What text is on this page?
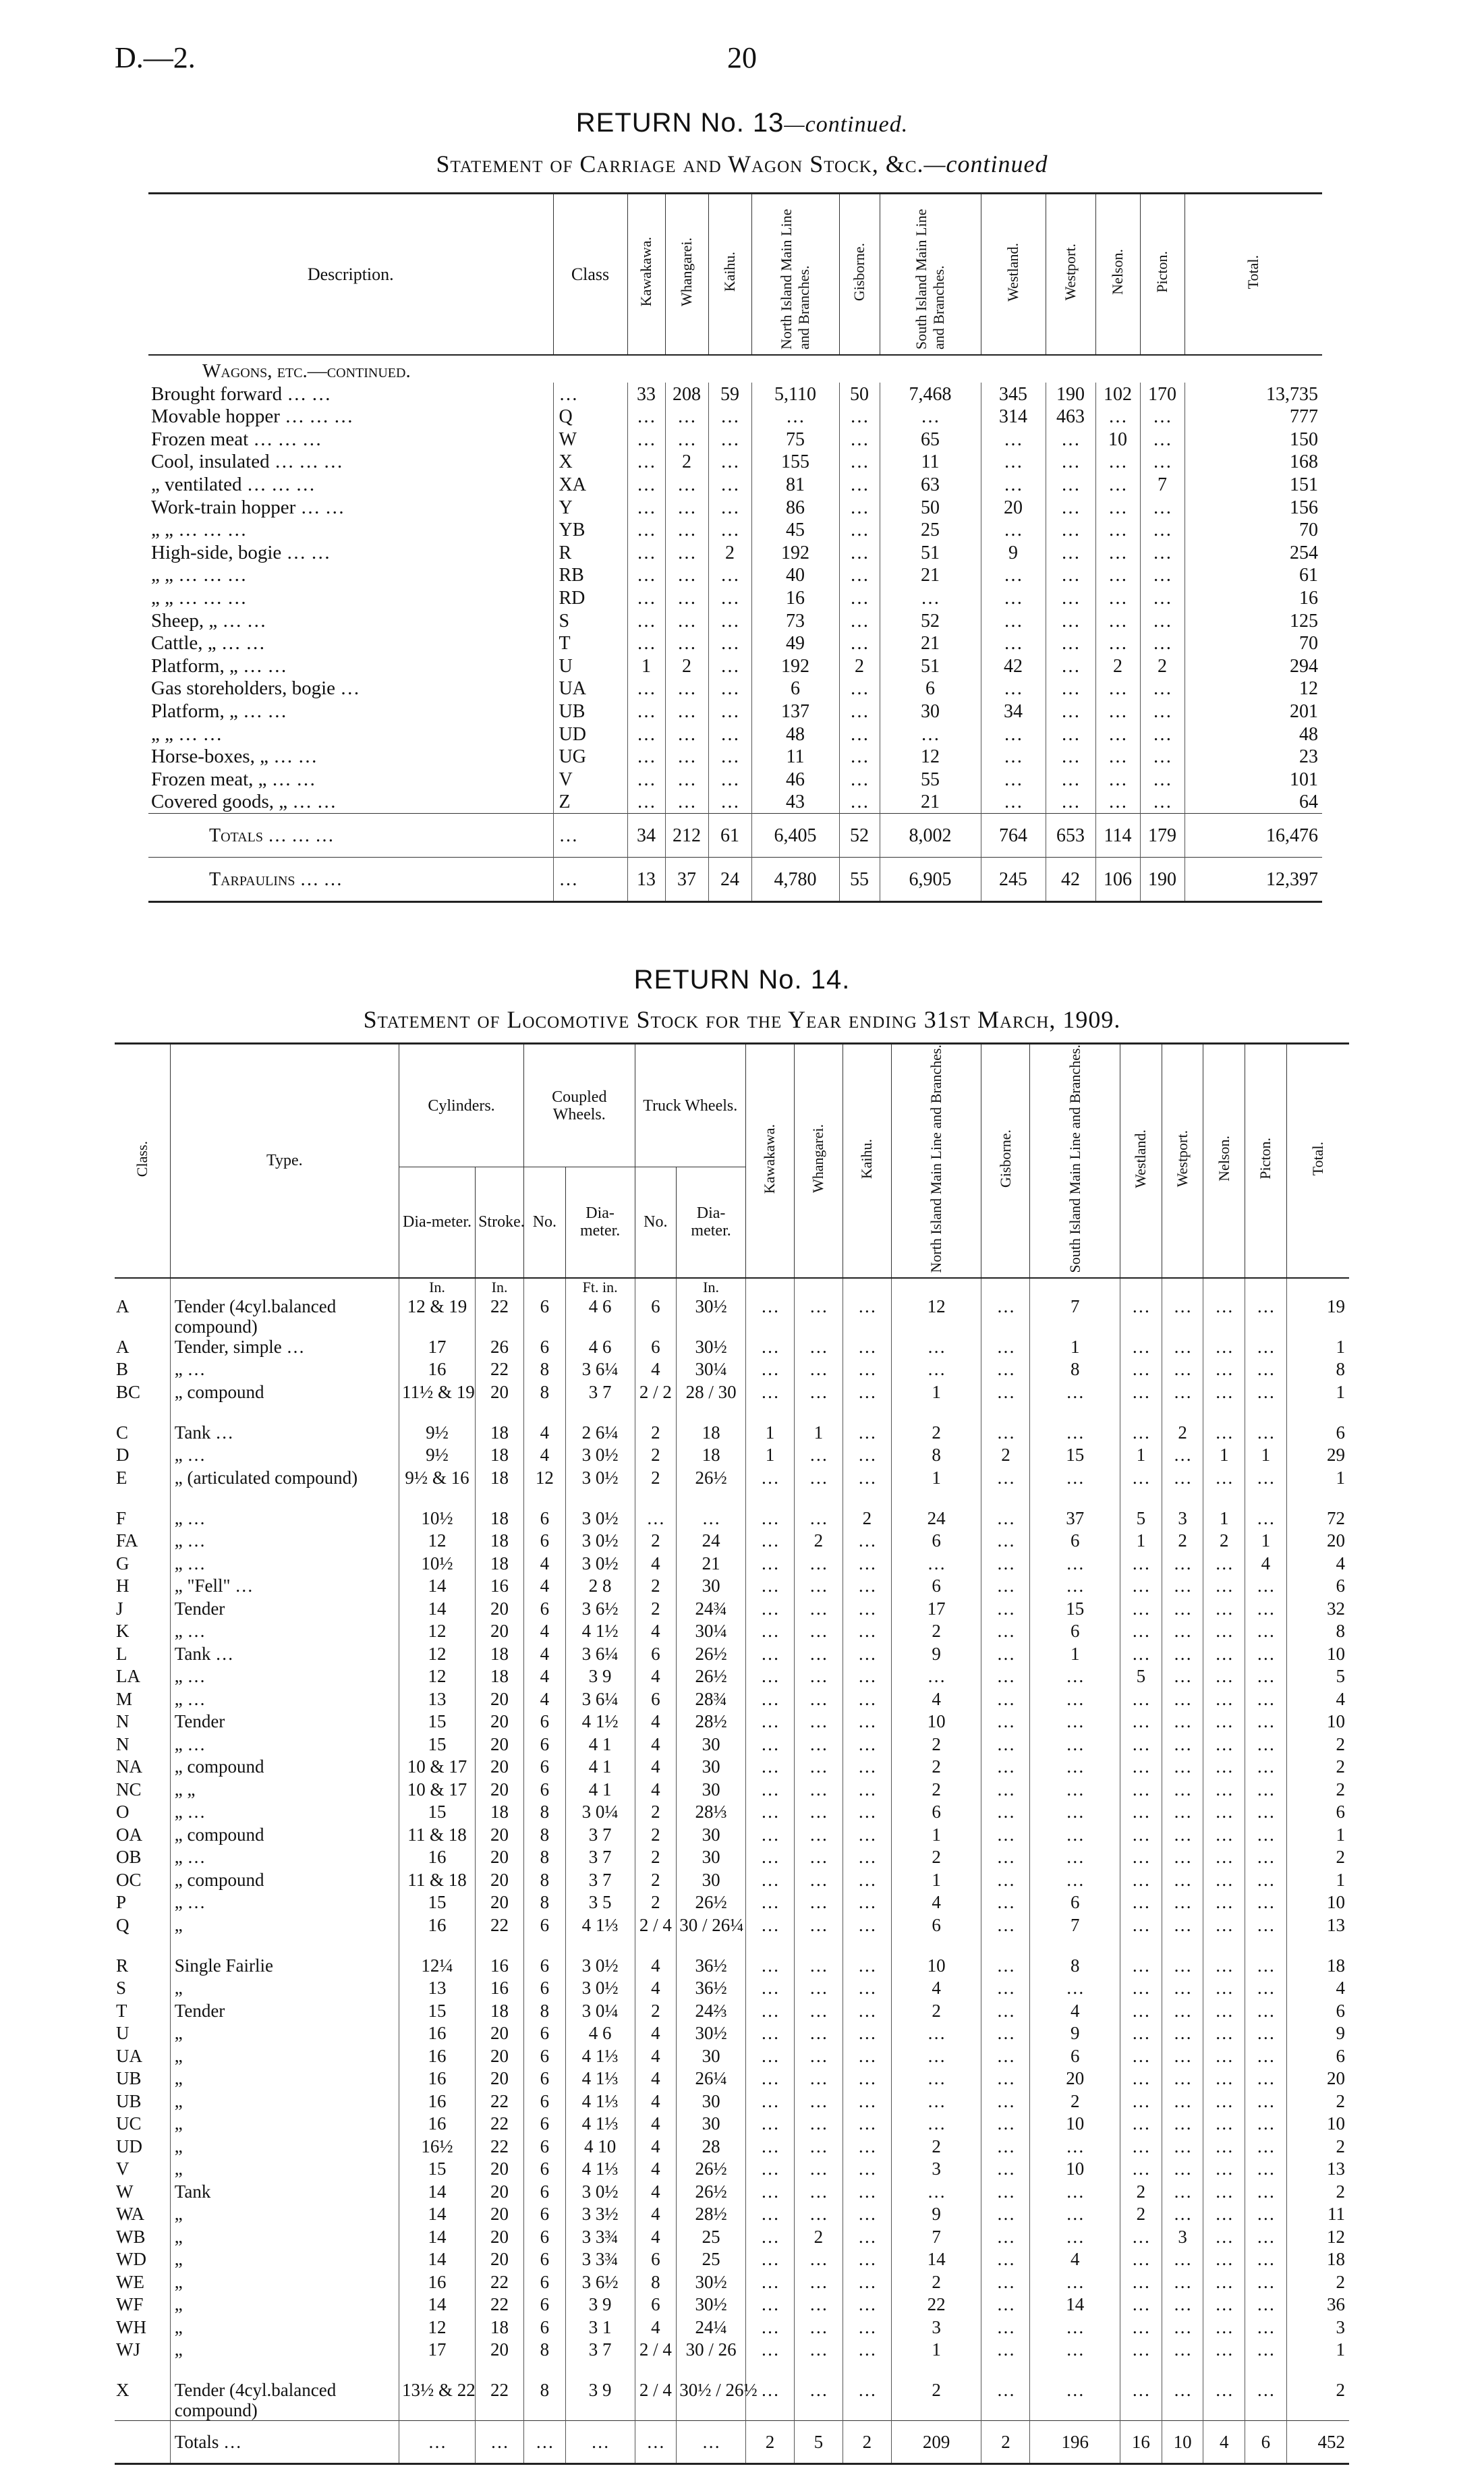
D.—2.	20
RETURN No. 13—continued.
Statement of Carriage and Wagon Stock, &c.—continued
Description.	Class	Kawakawa.	Whangarei.	Kaihu.	North Island Main Line and Branches.	Gisborne.	South Island Main Line and Branches.	Westland.	Westport.	Nelson.	Picton.	Total.
Wagons, etc.—continued.												
Brought forward … …	…	33	208	59	5,110	50	7,468	345	190	102	170	13,735
Movable hopper … … …	Q	…	…	…	…	…	…	314	463	…	…	777
Frozen meat … … …	W	…	…	…	75	…	65	…	…	10	…	150
Cool, insulated … … …	X	…	2	…	155	…	11	…	…	…	…	168
„ ventilated … … …	XA	…	…	…	81	…	63	…	…	…	7	151
Work-train hopper … …	Y	…	…	…	86	…	50	20	…	…	…	156
„ „ … … …	YB	…	…	…	45	…	25	…	…	…	…	70
High-side, bogie … …	R	…	…	2	192	…	51	9	…	…	…	254
„ „ … … …	RB	…	…	…	40	…	21	…	…	…	…	61
„ „ … … …	RD	…	…	…	16	…	…	…	…	…	…	16
Sheep, „ … …	S	…	…	…	73	…	52	…	…	…	…	125
Cattle, „ … …	T	…	…	…	49	…	21	…	…	…	…	70
Platform, „ … …	U	1	2	…	192	2	51	42	…	2	2	294
Gas storeholders, bogie …	UA	…	…	…	6	…	6	…	…	…	…	12
Platform, „ … …	UB	…	…	…	137	…	30	34	…	…	…	201
„ „ … …	UD	…	…	…	48	…	…	…	…	…	…	48
Horse-boxes, „ … …	UG	…	…	…	11	…	12	…	…	…	…	23
Frozen meat, „ … …	V	…	…	…	46	…	55	…	…	…	…	101
Covered goods, „ … …	Z	…	…	…	43	…	21	…	…	…	…	64
Totals … … …	…	34	212	61	6,405	52	8,002	764	653	114	179	16,476
Tarpaulins … …	…	13	37	24	4,780	55	6,905	245	42	106	190	12,397
RETURN No. 14.
Statement of Locomotive Stock for the Year ending 31st March, 1909.
Class.	Type.	Cylinders.		Coupled Wheels.		Truck Wheels.		Kawakawa.	Whangarei.	Kaihu.	North Island Main Line and Branches.	Gisborne.	South Island Main Line and Branches.	Westland.	Westport.	Nelson.	Picton.	Total.
		Dia-meter.	Stroke.	No.	Dia-meter.	No.	Dia-meter.											
		In.	In.		Ft. in.		In.											
A	Tender (4cyl.balanced compound)	12 & 19	22	6	4 6	6	30½	…	…	…	12	…	7	…	…	…	…	19
A	Tender, simple …	17	26	6	4 6	6	30½	…	…	…	…	…	1	…	…	…	…	1
B	„ …	16	22	8	3 6¼	4	30¼	…	…	…	…	…	8	…	…	…	…	8
BC	„ compound	11½ & 19	20	8	3 7	2 / 2	28 / 30	…	…	…	1	…	…	…	…	…	…	1
C	Tank …	9½	18	4	2 6¼	2	18	1	1	…	2	…	…	…	2	…	…	6
D	„ …	9½	18	4	3 0½	2	18	1	…	…	8	2	15	1	…	1	1	29
E	„ (articulated compound)	9½ & 16	18	12	3 0½	2	26½	…	…	…	1	…	…	…	…	…	…	1
F	„ …	10½	18	6	3 0½	…	…	…	…	2	24	…	37	5	3	1	…	72
FA	„ …	12	18	6	3 0½	2	24	…	2	…	6	…	6	1	2	2	1	20
G	„ …	10½	18	4	3 0½	4	21	…	…	…	…	…	…	…	…	…	4	4
H	„ "Fell" …	14	16	4	2 8	2	30	…	…	…	6	…	…	…	…	…	…	6
J	Tender	14	20	6	3 6½	2	24¾	…	…	…	17	…	15	…	…	…	…	32
K	„ …	12	20	4	4 1½	4	30¼	…	…	…	2	…	6	…	…	…	…	8
L	Tank …	12	18	4	3 6¼	6	26½	…	…	…	9	…	1	…	…	…	…	10
LA	„ …	12	18	4	3 9	4	26½	…	…	…	…	…	…	5	…	…	…	5
M	„ …	13	20	4	3 6¼	6	28¾	…	…	…	4	…	…	…	…	…	…	4
N	Tender	15	20	6	4 1½	4	28½	…	…	…	10	…	…	…	…	…	…	10
N	„ …	15	20	6	4 1	4	30	…	…	…	2	…	…	…	…	…	…	2
NA	„ compound	10 & 17	20	6	4 1	4	30	…	…	…	2	…	…	…	…	…	…	2
NC	„ „	10 & 17	20	6	4 1	4	30	…	…	…	2	…	…	…	…	…	…	2
O	„ …	15	18	8	3 0¼	2	28⅓	…	…	…	6	…	…	…	…	…	…	6
OA	„ compound	11 & 18	20	8	3 7	2	30	…	…	…	1	…	…	…	…	…	…	1
OB	„ …	16	20	8	3 7	2	30	…	…	…	2	…	…	…	…	…	…	2
OC	„ compound	11 & 18	20	8	3 7	2	30	…	…	…	1	…	…	…	…	…	…	1
P	„ …	15	20	8	3 5	2	26½	…	…	…	4	…	6	…	…	…	…	10
Q	„	16	22	6	4 1⅓	2 / 4	30 / 26¼	…	…	…	6	…	7	…	…	…	…	13
R	Single Fairlie	12¼	16	6	3 0½	4	36½	…	…	…	10	…	8	…	…	…	…	18
S	„	13	16	6	3 0½	4	36½	…	…	…	4	…	…	…	…	…	…	4
T	Tender	15	18	8	3 0¼	2	24⅔	…	…	…	2	…	4	…	…	…	…	6
U	„	16	20	6	4 6	4	30½	…	…	…	…	…	9	…	…	…	…	9
UA	„	16	20	6	4 1⅓	4	30	…	…	…	…	…	6	…	…	…	…	6
UB	„	16	20	6	4 1⅓	4	26¼	…	…	…	…	…	20	…	…	…	…	20
UB	„	16	22	6	4 1⅓	4	30	…	…	…	…	…	2	…	…	…	…	2
UC	„	16	22	6	4 1⅓	4	30	…	…	…	…	…	10	…	…	…	…	10
UD	„	16½	22	6	4 10	4	28	…	…	…	2	…	…	…	…	…	…	2
V	„	15	20	6	4 1⅓	4	26½	…	…	…	3	…	10	…	…	…	…	13
W	Tank	14	20	6	3 0½	4	26½	…	…	…	…	…	…	2	…	…	…	2
WA	„	14	20	6	3 3½	4	28½	…	…	…	9	…	…	2	…	…	…	11
WB	„	14	20	6	3 3¾	4	25	…	2	…	7	…	…	…	3	…	…	12
WD	„	14	20	6	3 3¾	6	25	…	…	…	14	…	4	…	…	…	…	18
WE	„	16	22	6	3 6½	8	30½	…	…	…	2	…	…	…	…	…	…	2
WF	„	14	22	6	3 9	6	30½	…	…	…	22	…	14	…	…	…	…	36
WH	„	12	18	6	3 1	4	24¼	…	…	…	3	…	…	…	…	…	…	3
WJ	„	17	20	8	3 7	2 / 4	30 / 26	…	…	…	1	…	…	…	…	…	…	1
X	Tender (4cyl.balanced compound)	13½ & 22	22	8	3 9	2 / 4	30½ / 26½	…	…	…	2	…	…	…	…	…	…	2
	Totals …	…	…	…	…	…	…	2	5	2	209	2	196	16	10	4	6	452
